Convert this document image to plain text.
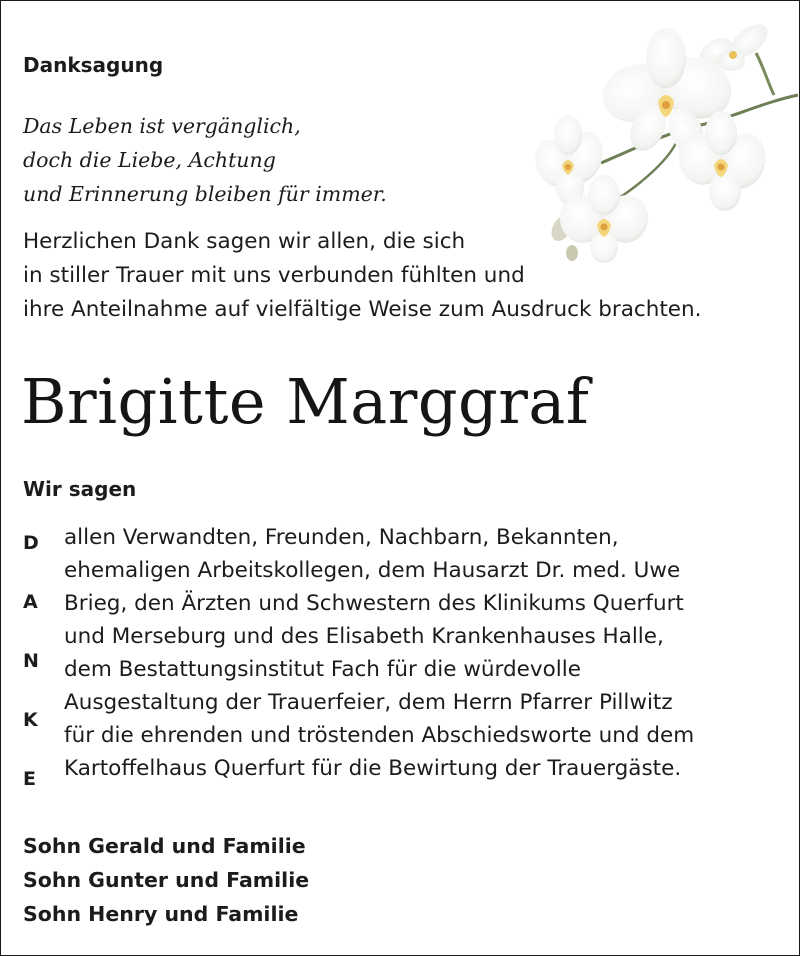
Danksagung
Das Leben ist vergänglich,
doch die Liebe, Achtung
und Erinnerung bleiben für immer.
Herzlichen Dank sagen wir allen, die sich
in stiller Trauer mit uns verbunden fühlten und
ihre Anteilnahme auf vielfältige Weise zum Ausdruck brachten.
Brigitte Marggraf
Wir sagen
D
A
N
K
E
allen Verwandten, Freunden, Nachbarn, Bekannten,
ehemaligen Arbeitskollegen, dem Hausarzt Dr. med. Uwe
Brieg, den Ärzten und Schwestern des Klinikums Querfurt
und Merseburg und des Elisabeth Krankenhauses Halle,
dem Bestattungsinstitut Fach für die würdevolle
Ausgestaltung der Trauerfeier, dem Herrn Pfarrer Pillwitz
für die ehrenden und tröstenden Abschiedsworte und dem
Kartoffelhaus Querfurt für die Bewirtung der Trauergäste.
Sohn Gerald und Familie
Sohn Gunter und Familie
Sohn Henry und Familie
